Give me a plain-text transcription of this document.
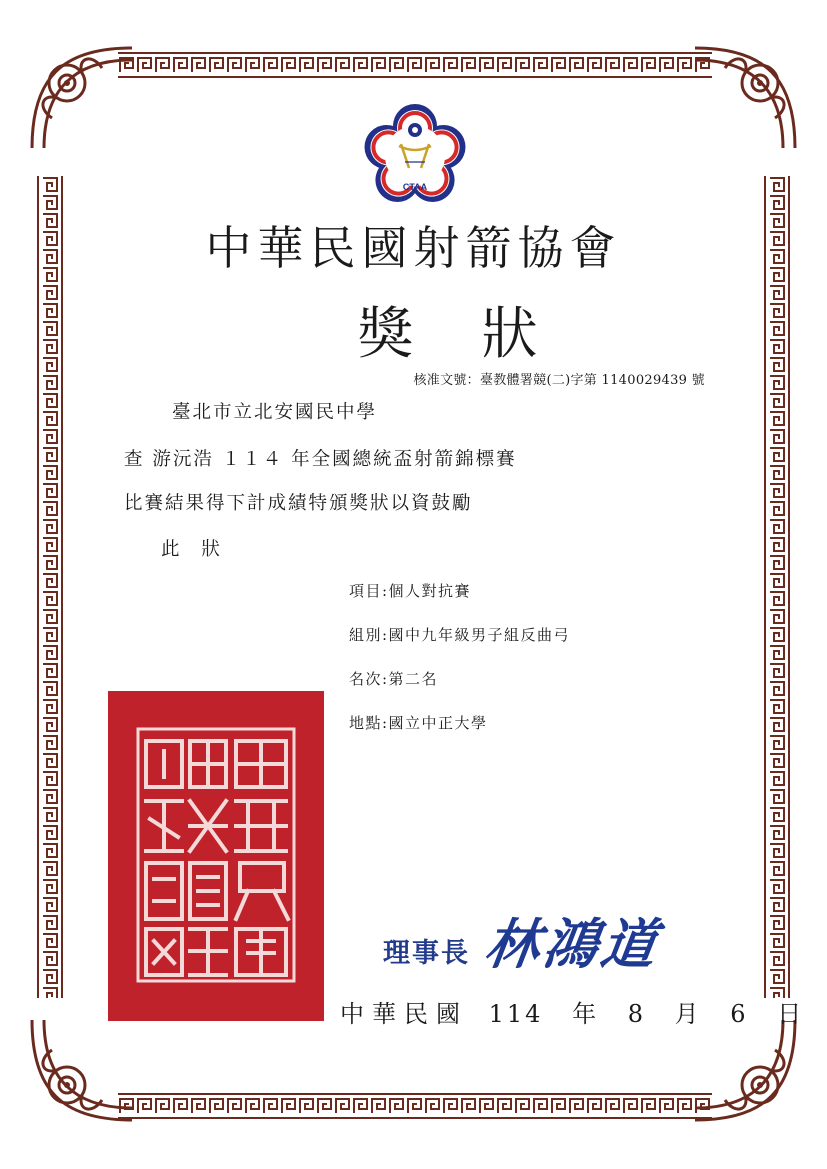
CTAA
中華民國射箭協會
獎狀
核准文號：臺教體署競(二)字第 1140029439 號
臺北市立北安國民中學
查 游沅浩 １１４ 年全國總統盃射箭錦標賽
比賽結果得下計成績特頒獎狀以資鼓勵
此 狀
項目:個人對抗賽
組別:國中九年級男子組反曲弓
名次:第二名
地點:國立中正大學
理事長 林鴻道
中華民國 114 年 8 月 6 日
